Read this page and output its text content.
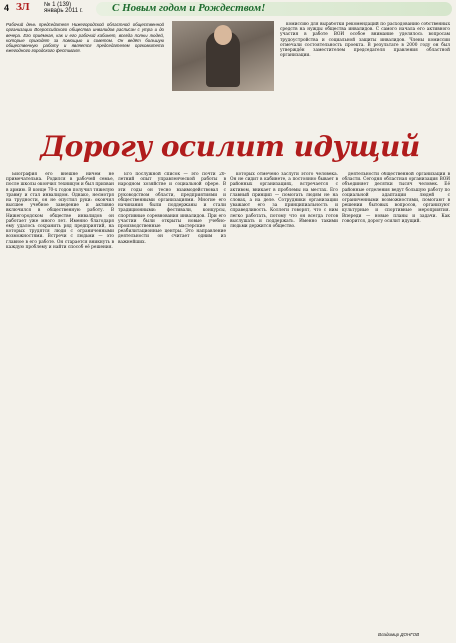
4 ЗЛ № 1 (139)
январь 2011 г.	С Новым годом и Рождеством!
Рабочий день председателя Нижегородской областной общественной организации Всероссийского общества инвалидов расписан с утра и до вечера. Его приёмная, как и его рабочий кабинет, всегда полны людей, которые приходят за помощью и советом. Он ведёт большую общественную работу и является председателем оргкомитета ежегодного городского фестиваля.

комиссию для выработки рекомендаций по расходованию собственных средств на нужды общества инвалидов. С самого начала его активного участия в работе ВОИ особое внимание уделялось вопросам трудоустройства и социальной защиты инвалидов. Члены комиссии отмечали состоятельность проекта. В результате в 2000 году он был утверждён заместителем председателя правления областной организации.

Дорогу осилит идущий

Биография его внешне ничем не примечательна. Родился в рабочей семье, после школы окончил техникум и был призван в армию. В конце 70-х годов получил тяжелую травму и стал инвалидом. Однако, несмотря на трудности, он не опустил руки: окончил высшее учебное заведение и активно включился в общественную работу. В Нижегородском обществе инвалидов он работает уже много лет. Именно благодаря ему удалось сохранить ряд предприятий, на которых трудятся люди с ограниченными возможностями. Встречи с людьми — это главное в его работе. Он старается вникнуть в каждую проблему и найти способ её решения.

Его послужной список — это почти 20-летний опыт управленческой работы в народном хозяйстве и социальной сфере. В эти годы он тесно взаимодействовал с руководством области, предприятиями и общественными организациями. Многие его начинания были поддержаны и стали традиционными: фестивали, конкурсы, спортивные соревнования инвалидов. При его участии были открыты новые учебно-производственные мастерские и реабилитационные центры. Это направление деятельности он считает одним из важнейших.

которых отмечено заслуги этого человека. Он не сидит в кабинете, а постоянно бывает в районных организациях, встречается с активом, вникает в проблемы на местах. Его главный принцип — помогать людям не на словах, а на деле. Сотрудники организации уважают его за принципиальность и справедливость. Коллеги говорят, что с ним легко работать, потому что он всегда готов выслушать и поддержать. Именно такими людьми держится общество.

деятельности общественной организации в области. Сегодня областная организация ВОИ объединяет десятки тысяч человек. Её районные отделения ведут большую работу по социальной адаптации людей с ограниченными возможностями, помогают в решении бытовых вопросов, организуют культурные и спортивные мероприятия. Впереди — новые планы и задачи. Как говорится, дорогу осилит идущий.

Владимир ДОНГОВ
